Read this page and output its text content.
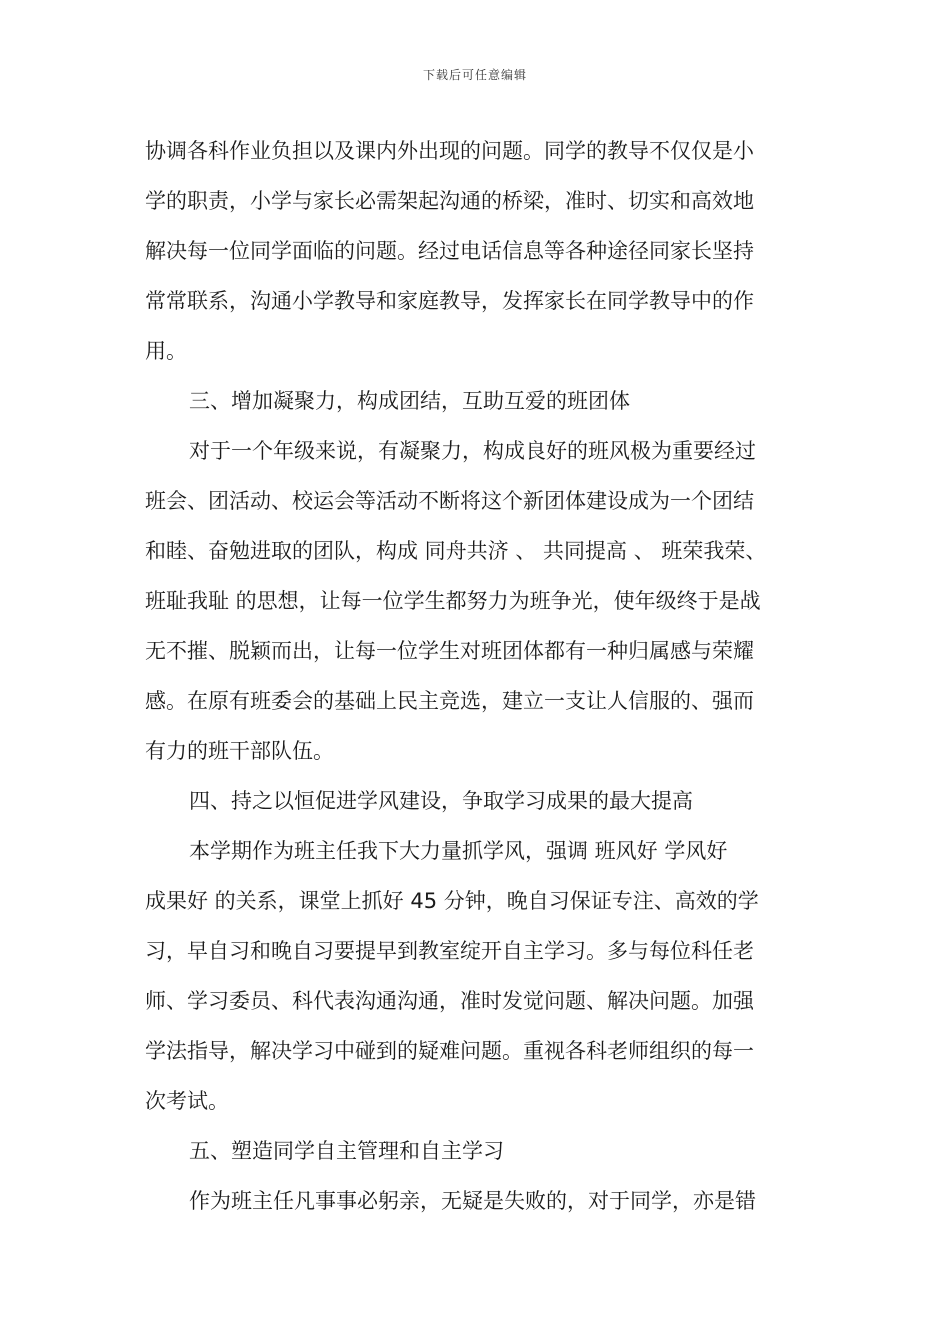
下载后可任意编辑
协调各科作业负担以及课内外出现的问题。同学的教导不仅仅是小
学的职责，小学与家长必需架起沟通的桥梁，准时、切实和高效地
解决每一位同学面临的问题。经过电话信息等各种途径同家长坚持
常常联系，沟通小学教导和家庭教导，发挥家长在同学教导中的作
用。
三、增加凝聚力，构成团结，互助互爱的班团体
对于一个年级来说，有凝聚力，构成良好的班风极为重要经过
班会、团活动、校运会等活动不断将这个新团体建设成为一个团结
和睦、奋勉进取的团队，构成 同舟共济 、 共同提高 、 班荣我荣、
班耻我耻 的思想，让每一位学生都努力为班争光，使年级终于是战
无不摧、脱颖而出，让每一位学生对班团体都有一种归属感与荣耀
感。在原有班委会的基础上民主竞选，建立一支让人信服的、强而
有力的班干部队伍。
四、持之以恒促进学风建设，争取学习成果的最大提高
本学期作为班主任我下大力量抓学风，强调 班风好 学风好
成果好 的关系，课堂上抓好 45 分钟，晚自习保证专注、高效的学
习，早自习和晚自习要提早到教室绽开自主学习。多与每位科任老
师、学习委员、科代表沟通沟通，准时发觉问题、解决问题。加强
学法指导，解决学习中碰到的疑难问题。重视各科老师组织的每一
次考试。
五、塑造同学自主管理和自主学习
作为班主任凡事事必躬亲，无疑是失败的，对于同学，亦是错
